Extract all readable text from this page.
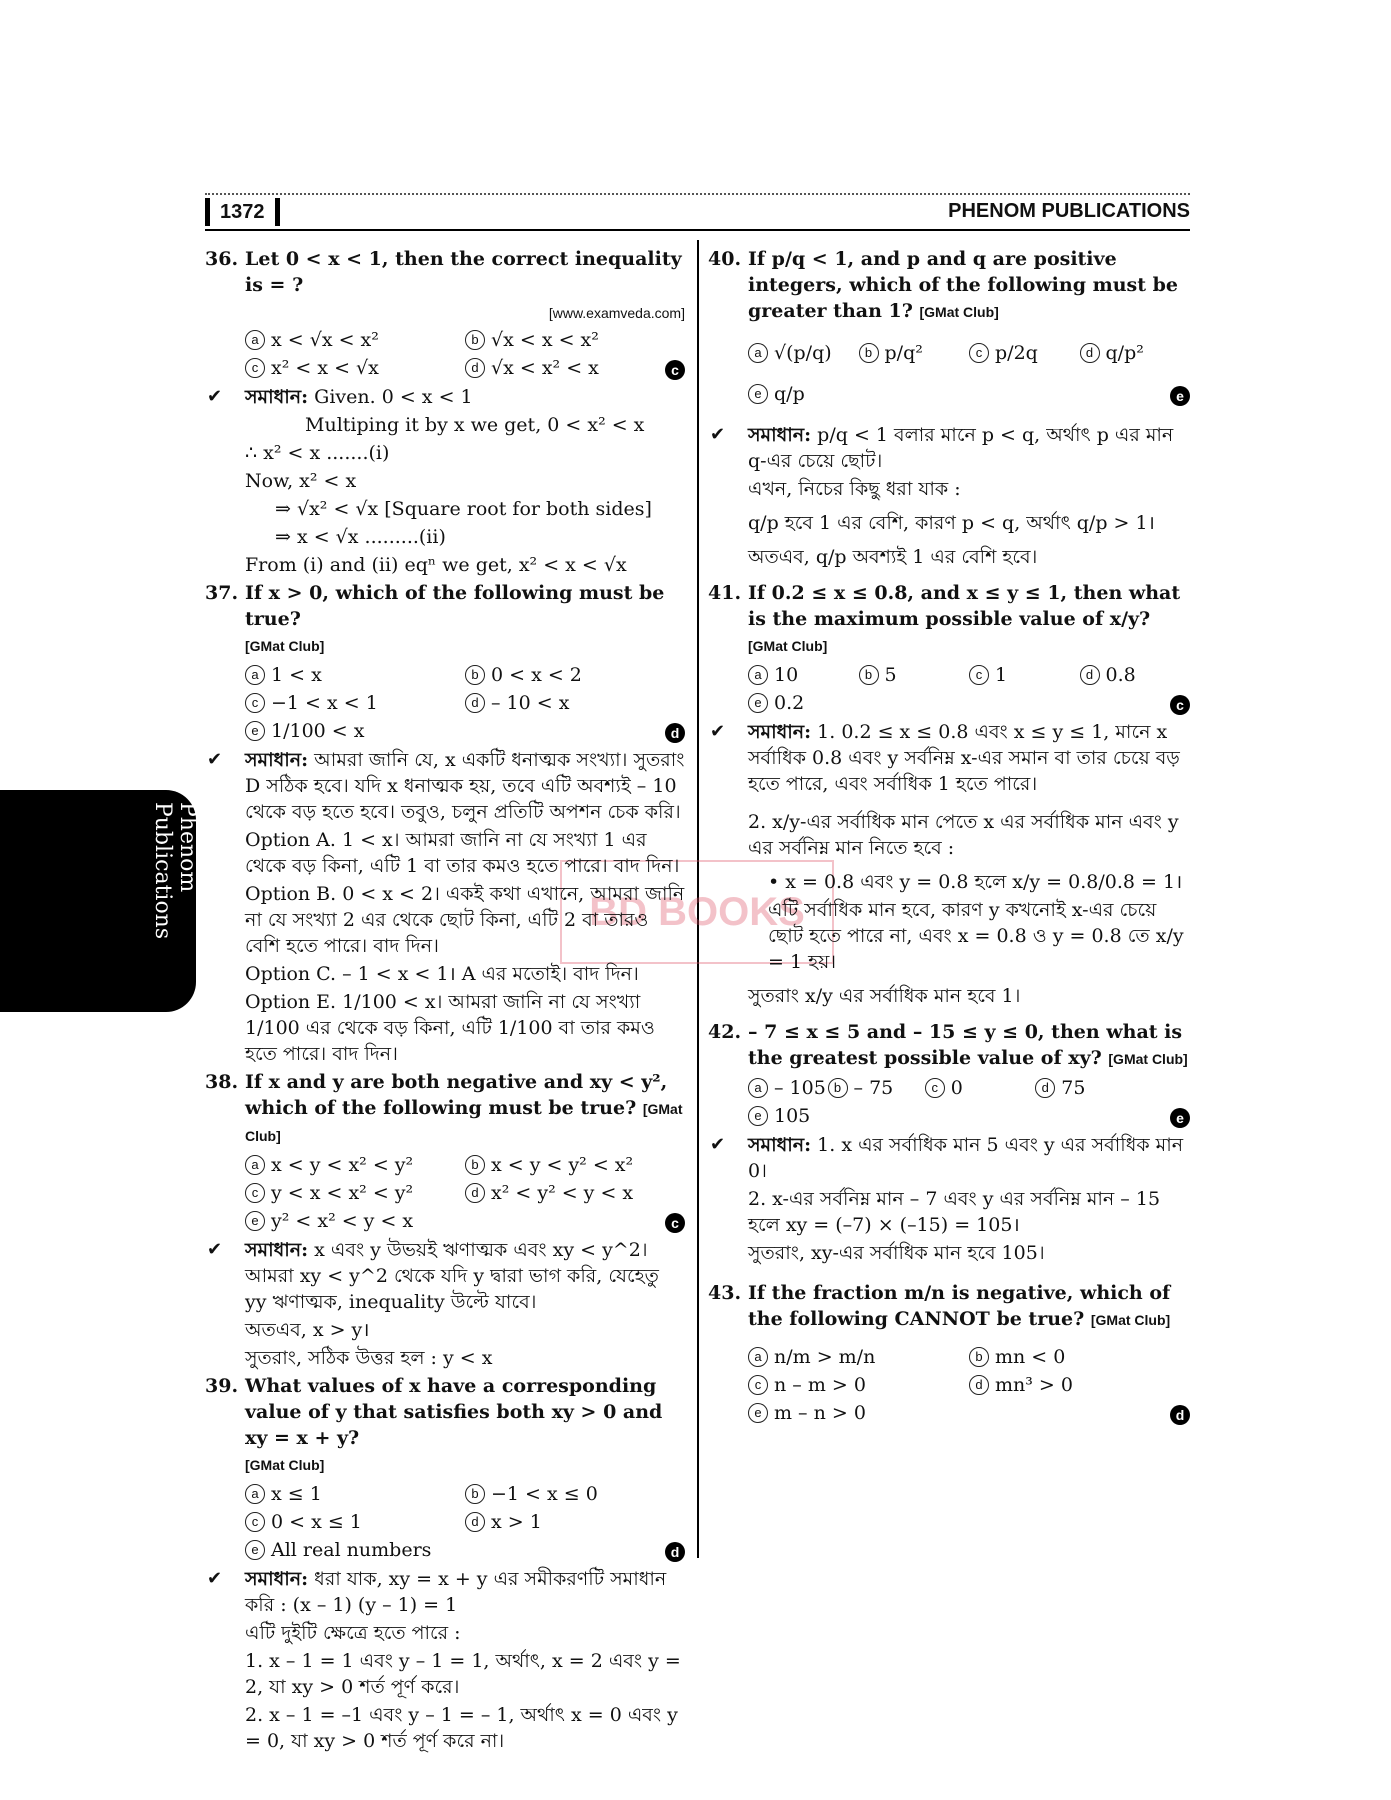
1372	PHENOM PUBLICATIONS
Phenom Publications	BD BOOKS
36. Let 0 < x < 1, then the correct inequality is = ?
[www.examveda.com]
a x < √x < x²	b √x < x < x²
c x² < x < √x	d √x < x² < x	c
✔ সমাধান: Given. 0 < x < 1
Multiping it by x we get, 0 < x² < x
∴ x² < x .......(i)
Now, x² < x
⇒ √x² < √x [Square root for both sides]
⇒ x < √x .........(ii)
From (i) and (ii) eqⁿ we get, x² < x < √x
37. If x > 0, which of the following must be true?
[GMat Club]
a 1 < x	b 0 < x < 2
c −1 < x < 1	d – 10 < x
e 1/100 < x	d
✔ সমাধান: আমরা জানি যে, x একটি ধনাত্মক সংখ্যা। সুতরাং D সঠিক হবে। যদি x ধনাত্মক হয়, তবে এটি অবশ্যই – 10 থেকে বড় হতে হবে। তবুও, চলুন প্রতিটি অপশন চেক করি।
Option A. 1 < x। আমরা জানি না যে সংখ্যা 1 এর থেকে বড় কিনা, এটি 1 বা তার কমও হতে পারে। বাদ দিন।
Option B. 0 < x < 2। একই কথা এখানে, আমরা জানি না যে সংখ্যা 2 এর থেকে ছোট কিনা, এটি 2 বা তারও বেশি হতে পারে। বাদ দিন।
Option C. – 1 < x < 1। A এর মতোই। বাদ দিন।
Option E. 1/100 < x। আমরা জানি না যে সংখ্যা 1/100 এর থেকে বড় কিনা, এটি 1/100 বা তার কমও হতে পারে। বাদ দিন।
38. If x and y are both negative and xy < y², which of the following must be true? [GMat Club]
a x < y < x² < y²	b x < y < y² < x²
c y < x < x² < y²	d x² < y² < y < x
e y² < x² < y < x	c
✔ সমাধান: x এবং y উভয়ই ঋণাত্মক এবং xy < y^2। আমরা xy < y^2 থেকে যদি y দ্বারা ভাগ করি, যেহেতু yy ঋণাত্মক, inequality উল্টে যাবে।
অতএব, x > y।
সুতরাং, সঠিক উত্তর হল : y < x
39. What values of x have a corresponding value of y that satisfies both xy > 0 and xy = x + y?
[GMat Club]
a x ≤ 1	b −1 < x ≤ 0
c 0 < x ≤ 1	d x > 1
e All real numbers	d
✔ সমাধান: ধরা যাক, xy = x + y এর সমীকরণটি সমাধান করি : (x – 1) (y – 1) = 1
এটি দুইটি ক্ষেত্রে হতে পারে :
1. x – 1 = 1 এবং y – 1 = 1, অর্থাৎ, x = 2 এবং y = 2, যা xy > 0 শর্ত পূর্ণ করে।
2. x – 1 = –1 এবং y – 1 = – 1, অর্থাৎ x = 0 এবং y = 0, যা xy > 0 শর্ত পূর্ণ করে না।
40. If p/q < 1, and p and q are positive integers, which of the following must be greater than 1? [GMat Club]
a √(p/q)	b p/q²	c p/2q	d q/p²
e q/p	e
✔ সমাধান: p/q < 1 বলার মানে p < q, অর্থাৎ p এর মান q-এর চেয়ে ছোট।
এখন, নিচের কিছু ধরা যাক :
q/p হবে 1 এর বেশি, কারণ p < q, অর্থাৎ q/p > 1।
অতএব, q/p অবশ্যই 1 এর বেশি হবে।
41. If 0.2 ≤ x ≤ 0.8, and x ≤ y ≤ 1, then what is the maximum possible value of x/y? [GMat Club]
a 10	b 5	c 1	d 0.8
e 0.2	c
✔ সমাধান: 1. 0.2 ≤ x ≤ 0.8 এবং x ≤ y ≤ 1, মানে x সর্বাধিক 0.8 এবং y সর্বনিম্ন x-এর সমান বা তার চেয়ে বড় হতে পারে, এবং সর্বাধিক 1 হতে পারে।
2. x/y-এর সর্বাধিক মান পেতে x এর সর্বাধিক মান এবং y এর সর্বনিম্ন মান নিতে হবে :
• x = 0.8 এবং y = 0.8 হলে x/y = 0.8/0.8 = 1।
এটি সর্বাধিক মান হবে, কারণ y কখনোই x-এর চেয়ে ছোট হতে পারে না, এবং x = 0.8 ও y = 0.8 তে x/y = 1 হয়।
সুতরাং x/y এর সর্বাধিক মান হবে 1।
42. – 7 ≤ x ≤ 5 and – 15 ≤ y ≤ 0, then what is the greatest possible value of xy? [GMat Club]
a – 105 b – 75	c 0	d 75
e 105	e
✔ সমাধান: 1. x এর সর্বাধিক মান 5 এবং y এর সর্বাধিক মান 0।
2. x-এর সর্বনিম্ন মান – 7 এবং y এর সর্বনিম্ন মান – 15 হলে xy = (–7) × (–15) = 105।
সুতরাং, xy-এর সর্বাধিক মান হবে 105।
43. If the fraction m/n is negative, which of the following CANNOT be true? [GMat Club]
a n/m > m/n	b mn < 0
c n – m > 0	d mn³ > 0
e m – n > 0	d
